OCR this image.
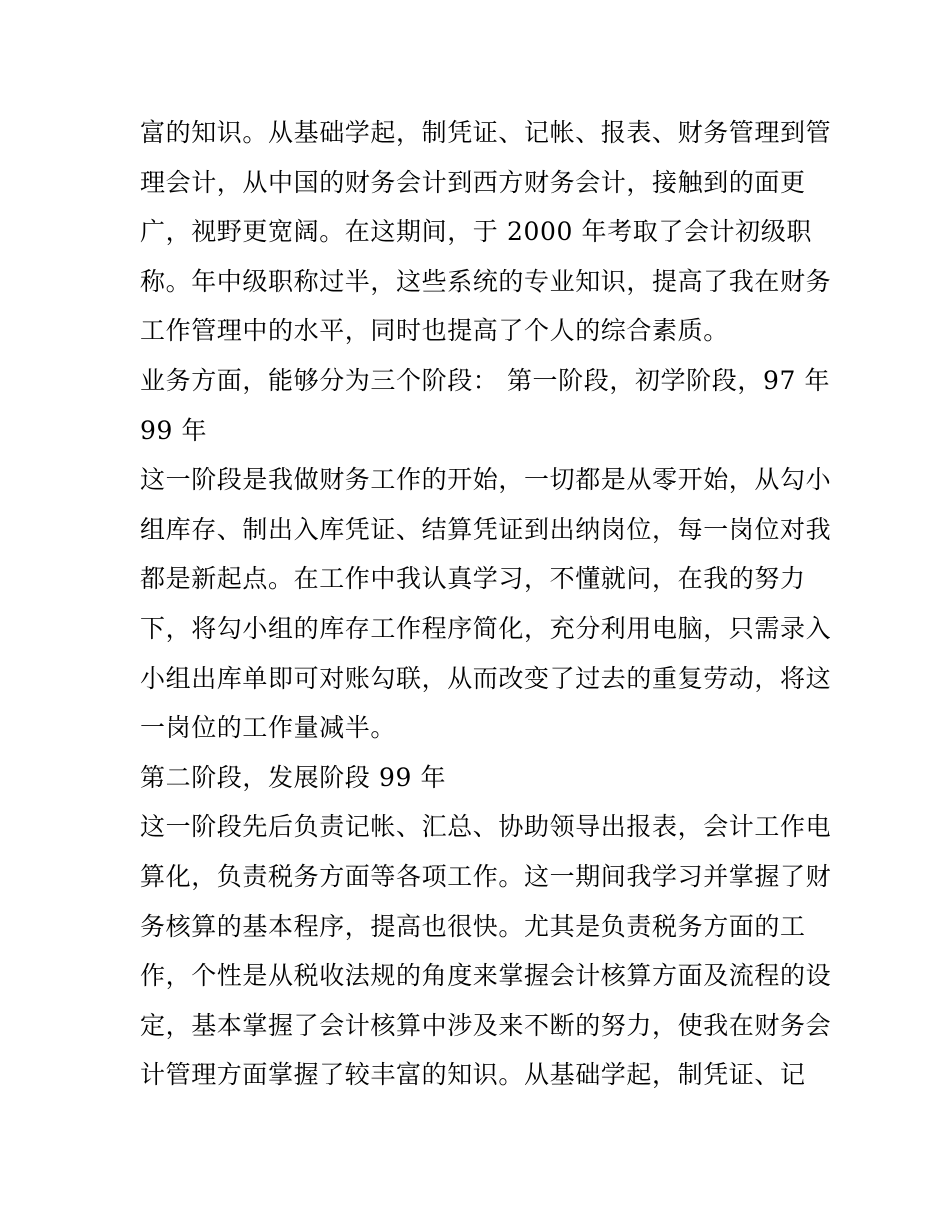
富的知识。从基础学起，制凭证、记帐、报表、财务管理到管
理会计，从中国的财务会计到西方财务会计，接触到的面更
广，视野更宽阔。在这期间，于 2000 年考取了会计初级职
称。年中级职称过半，这些系统的专业知识，提高了我在财务
工作管理中的水平，同时也提高了个人的综合素质。
业务方面，能够分为三个阶段： 第一阶段，初学阶段，97 年
99 年
这一阶段是我做财务工作的开始，一切都是从零开始，从勾小
组库存、制出入库凭证、结算凭证到出纳岗位，每一岗位对我
都是新起点。在工作中我认真学习，不懂就问，在我的努力
下，将勾小组的库存工作程序简化，充分利用电脑，只需录入
小组出库单即可对账勾联，从而改变了过去的重复劳动，将这
一岗位的工作量减半。
第二阶段，发展阶段 99 年
这一阶段先后负责记帐、汇总、协助领导出报表，会计工作电
算化，负责税务方面等各项工作。这一期间我学习并掌握了财
务核算的基本程序，提高也很快。尤其是负责税务方面的工
作，个性是从税收法规的角度来掌握会计核算方面及流程的设
定，基本掌握了会计核算中涉及来不断的努力，使我在财务会
计管理方面掌握了较丰富的知识。从基础学起，制凭证、记
